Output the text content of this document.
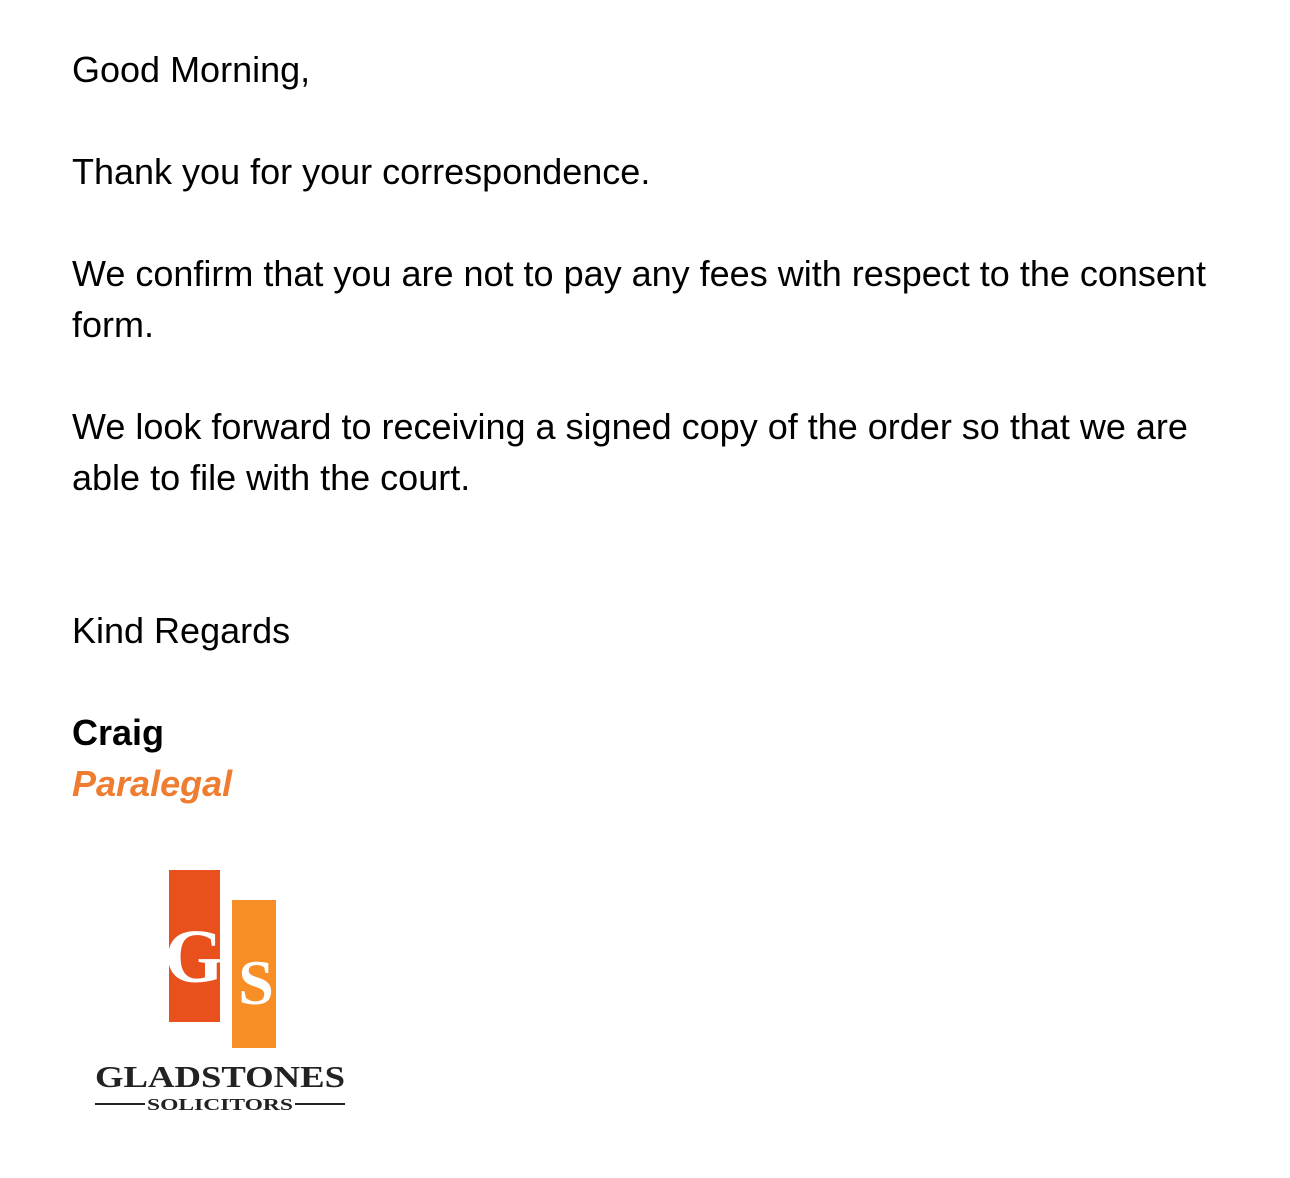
Good Morning,

Thank you for your correspondence.

We confirm that you are not to pay any fees with respect to the consent form.

We look forward to receiving a signed copy of the order so that we are able to file with the court.

Kind Regards

Craig

Paralegal

G S
GLADSTONES
SOLICITORS
